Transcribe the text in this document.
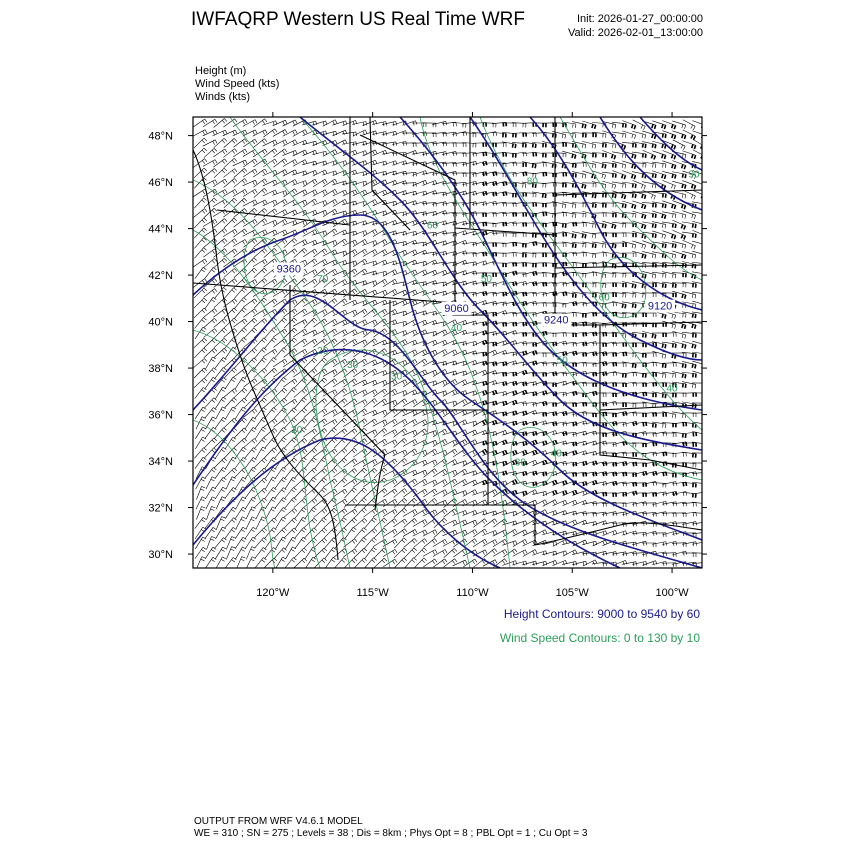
IWFAQRP Western US Real Time WRF	Init: 2026-01-27_00:00:00
Valid: 2026-02-01_13:00:00
Height (m)
Wind Speed (kts)
Winds (kts)
30°N
32°N
34°N
36°N
38°N
40°N
42°N
44°N
46°N
48°N
120°W	115°W	110°W	105°W	100°W
9360
9060
9240
9120
70
60
50
40
30
20
60
80
90
50
40
30
20
30
40
Height Contours: 9000 to 9540 by 60
Wind Speed Contours: 0 to 130 by 10
OUTPUT FROM WRF V4.6.1 MODEL
WE = 310 ; SN = 275 ; Levels = 38 ; Dis = 8km ; Phys Opt = 8 ; PBL Opt = 1 ; Cu Opt = 3
